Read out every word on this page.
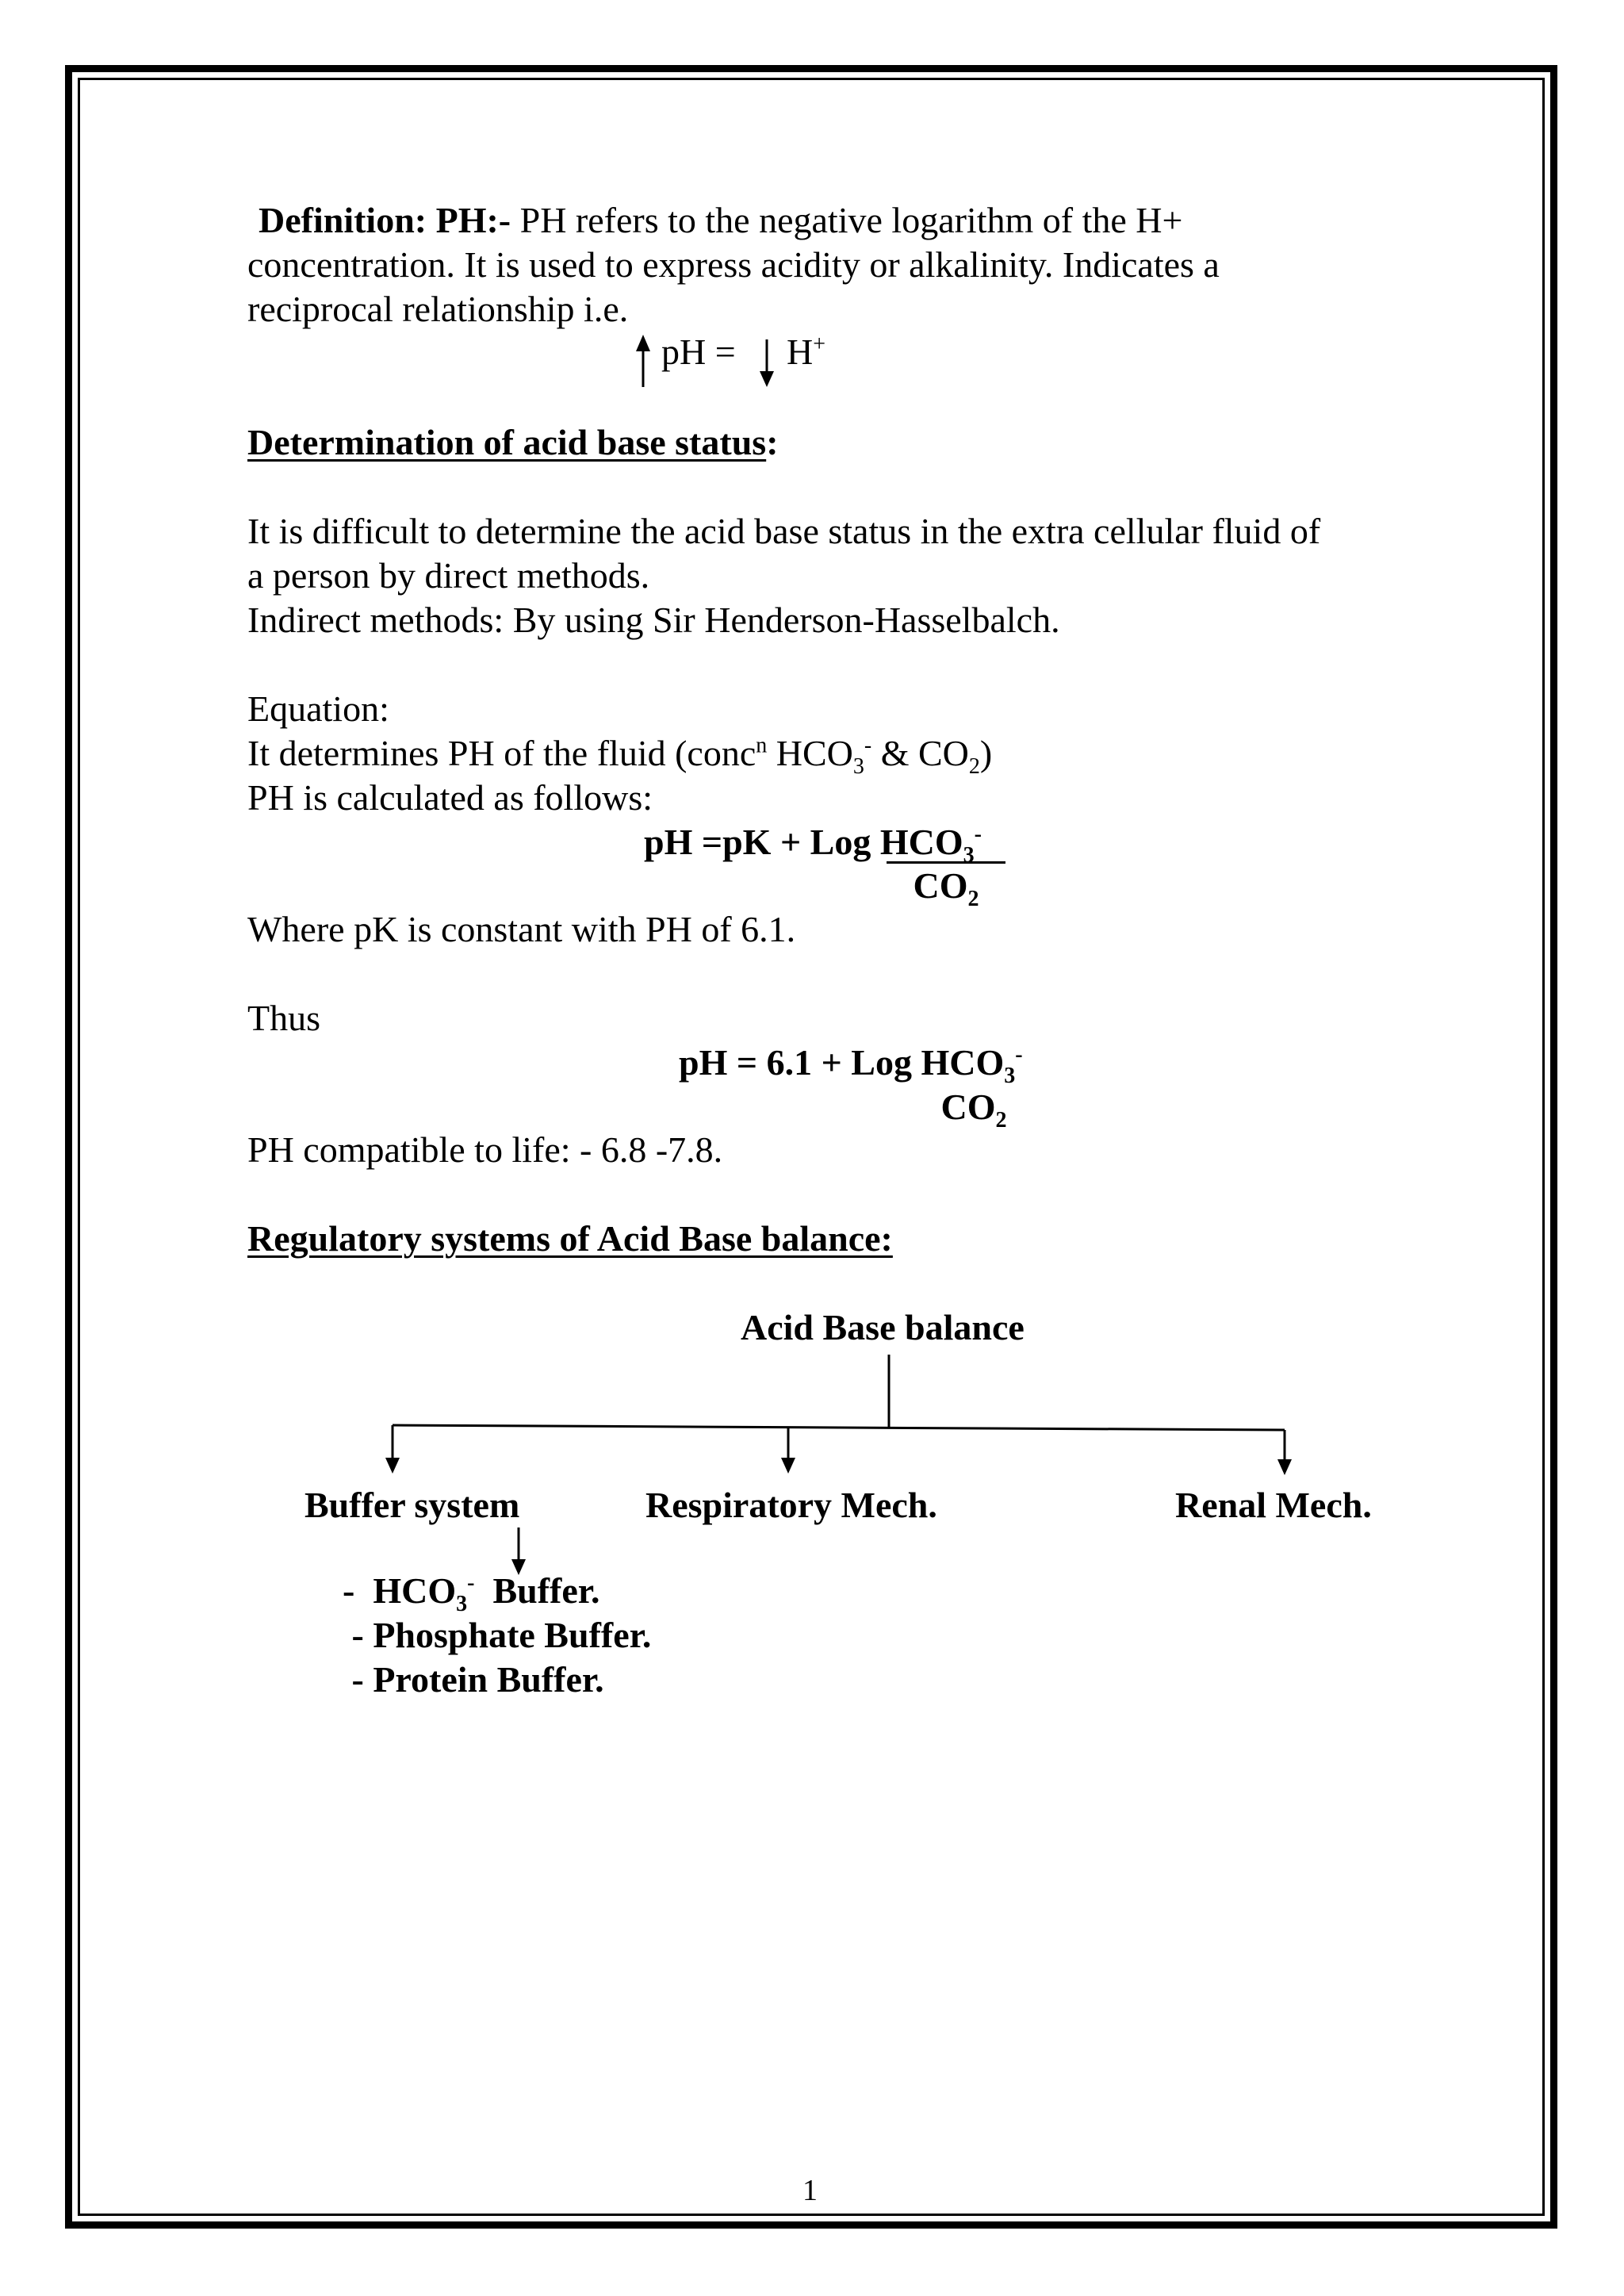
Definition: PH:- PH refers to the negative logarithm of the H+
concentration. It is used to express acidity or alkalinity. Indicates a
reciprocal relationship i.e.
pH = H+
Determination of acid base status:
It is difficult to determine the acid base status in the extra cellular fluid of
a person by direct methods.
Indirect methods: By using Sir Henderson-Hasselbalch.
Equation:
It determines PH of the fluid (conc$^n$ $HCO_3^-$ & $CO_2$)
PH is calculated as follows:
pH =pK + Log $HCO_3^-$
$CO_2$
Where pK is constant with PH of 6.1.
Thus
pH = 6.1 + Log $HCO_3^-$
$CO_2$
PH compatible to life: - 6.8 -7.8.
Regulatory systems of Acid Base balance:
Acid Base balance
Buffer system	Respiratory Mech.	Renal Mech.
-  $HCO_3^-$  Buffer.
- Phosphate Buffer.
- Protein Buffer.
1
